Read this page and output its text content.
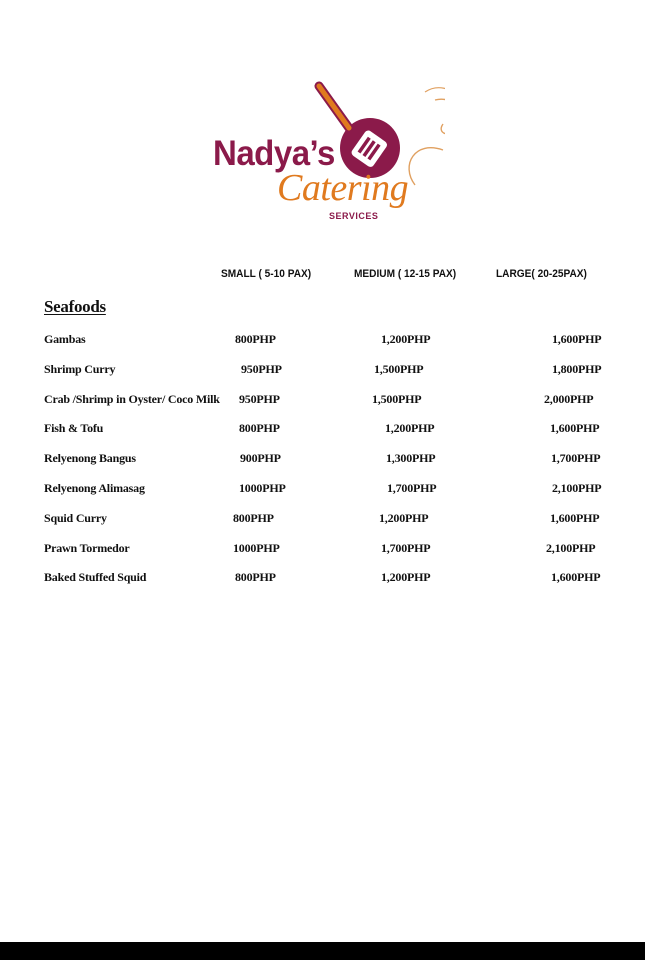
Nadya’s
Catering
SERVICES
SMALL ( 5-10 PAX)	MEDIUM ( 12-15 PAX)	LARGE( 20-25PAX)
Seafoods
Gambas	800PHP	1,200PHP	1,600PHP
Shrimp Curry	950PHP	1,500PHP	1,800PHP
Crab /Shrimp in Oyster/ Coco Milk 950PHP	1,500PHP	2,000PHP
Fish & Tofu	800PHP	1,200PHP	1,600PHP
Relyenong Bangus	900PHP	1,300PHP	1,700PHP
Relyenong Alimasag	1000PHP	1,700PHP	2,100PHP
Squid Curry	800PHP	1,200PHP	1,600PHP
Prawn Tormedor	1000PHP	1,700PHP	2,100PHP
Baked Stuffed Squid	800PHP	1,200PHP	1,600PHP
